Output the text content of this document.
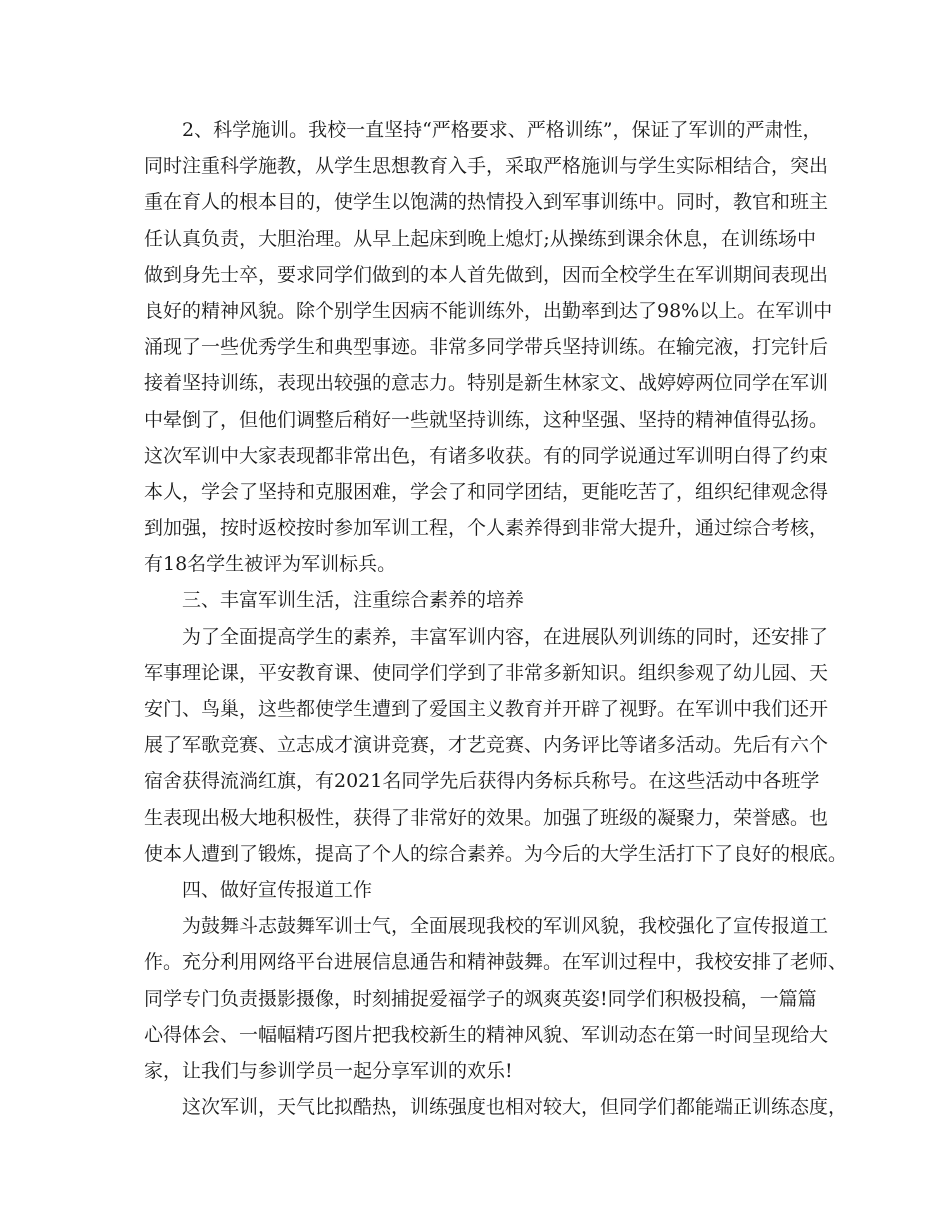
2、科学施训。我校一直坚持“严格要求、严格训练”，保证了军训的严肃性，
同时注重科学施教，从学生思想教育入手，采取严格施训与学生实际相结合，突出
重在育人的根本目的，使学生以饱满的热情投入到军事训练中。同时，教官和班主
任认真负责，大胆治理。从早上起床到晚上熄灯;从操练到课余休息，在训练场中
做到身先士卒，要求同学们做到的本人首先做到，因而全校学生在军训期间表现出
良好的精神风貌。除个别学生因病不能训练外，出勤率到达了98%以上。在军训中
涌现了一些优秀学生和典型事迹。非常多同学带兵坚持训练。在输完液，打完针后
接着坚持训练，表现出较强的意志力。特别是新生林家文、战婷婷两位同学在军训
中晕倒了，但他们调整后稍好一些就坚持训练，这种坚强、坚持的精神值得弘扬。
这次军训中大家表现都非常出色，有诸多收获。有的同学说通过军训明白得了约束
本人，学会了坚持和克服困难，学会了和同学团结，更能吃苦了，组织纪律观念得
到加强，按时返校按时参加军训工程，个人素养得到非常大提升，通过综合考核，
有18名学生被评为军训标兵。
三、丰富军训生活，注重综合素养的培养
为了全面提高学生的素养，丰富军训内容，在进展队列训练的同时，还安排了
军事理论课，平安教育课、使同学们学到了非常多新知识。组织参观了幼儿园、天
安门、鸟巢，这些都使学生遭到了爱国主义教育并开辟了视野。在军训中我们还开
展了军歌竞赛、立志成才演讲竞赛，才艺竞赛、内务评比等诸多活动。先后有六个
宿舍获得流淌红旗，有2021名同学先后获得内务标兵称号。在这些活动中各班学
生表现出极大地积极性，获得了非常好的效果。加强了班级的凝聚力，荣誉感。也
使本人遭到了锻炼，提高了个人的综合素养。为今后的大学生活打下了良好的根底。
四、做好宣传报道工作
为鼓舞斗志鼓舞军训士气，全面展现我校的军训风貌，我校强化了宣传报道工
作。充分利用网络平台进展信息通告和精神鼓舞。在军训过程中，我校安排了老师、
同学专门负责摄影摄像，时刻捕捉爱福学子的飒爽英姿!同学们积极投稿，一篇篇
心得体会、一幅幅精巧图片把我校新生的精神风貌、军训动态在第一时间呈现给大
家，让我们与参训学员一起分享军训的欢乐!
这次军训，天气比拟酷热，训练强度也相对较大，但同学们都能端正训练态度，
